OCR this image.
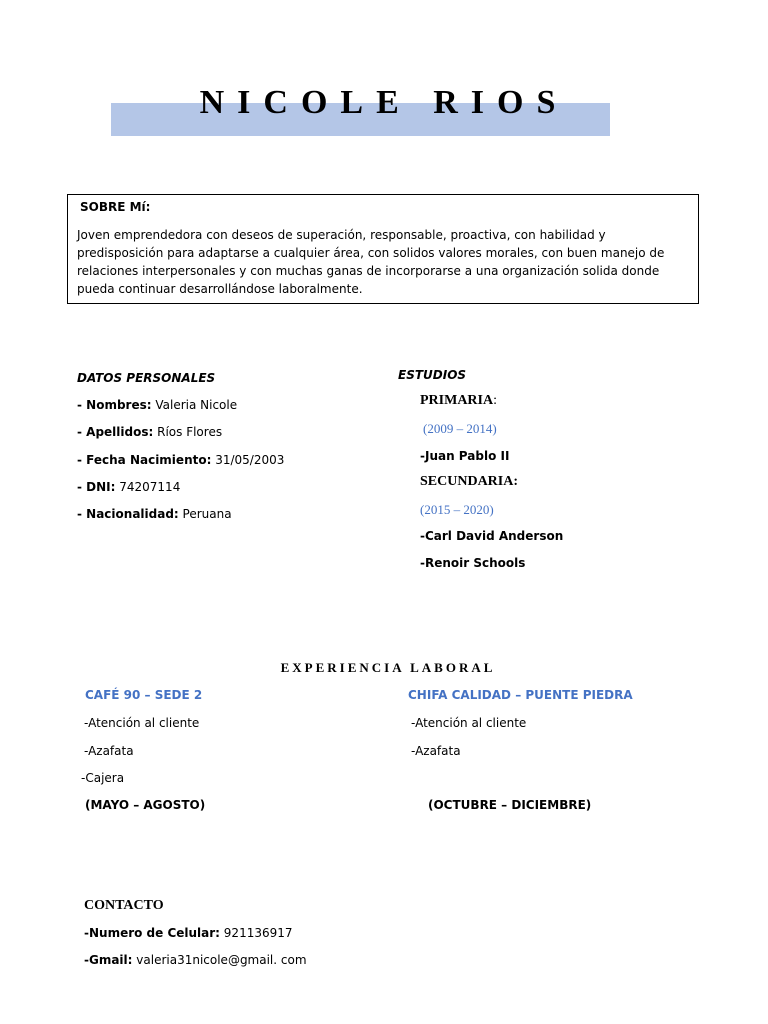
NICOLE RIOS
SOBRE Mí:
Joven emprendedora con deseos de superación, responsable, proactiva, con habilidad y predisposición para adaptarse a cualquier área, con solidos valores morales, con buen manejo de relaciones interpersonales y con muchas ganas de incorporarse a una organización solida donde pueda continuar desarrollándose laboralmente.
DATOS PERSONALES
- Nombres: Valeria Nicole
- Apellidos: Ríos Flores
- Fecha Nacimiento: 31/05/2003
- DNI: 74207114
- Nacionalidad: Peruana
ESTUDIOS
PRIMARIA:
(2009 – 2014)
-Juan Pablo II
SECUNDARIA:
(2015 – 2020)
-Carl David Anderson
-Renoir Schools
EXPERIENCIA LABORAL
CAFÉ 90 – SEDE 2
-Atención al cliente
-Azafata
-Cajera
(MAYO – AGOSTO)
CHIFA CALIDAD – PUENTE PIEDRA
-Atención al cliente
-Azafata
(OCTUBRE – DICIEMBRE)
CONTACTO
-Numero de Celular: 921136917
-Gmail: valeria31nicole@gmail. com
